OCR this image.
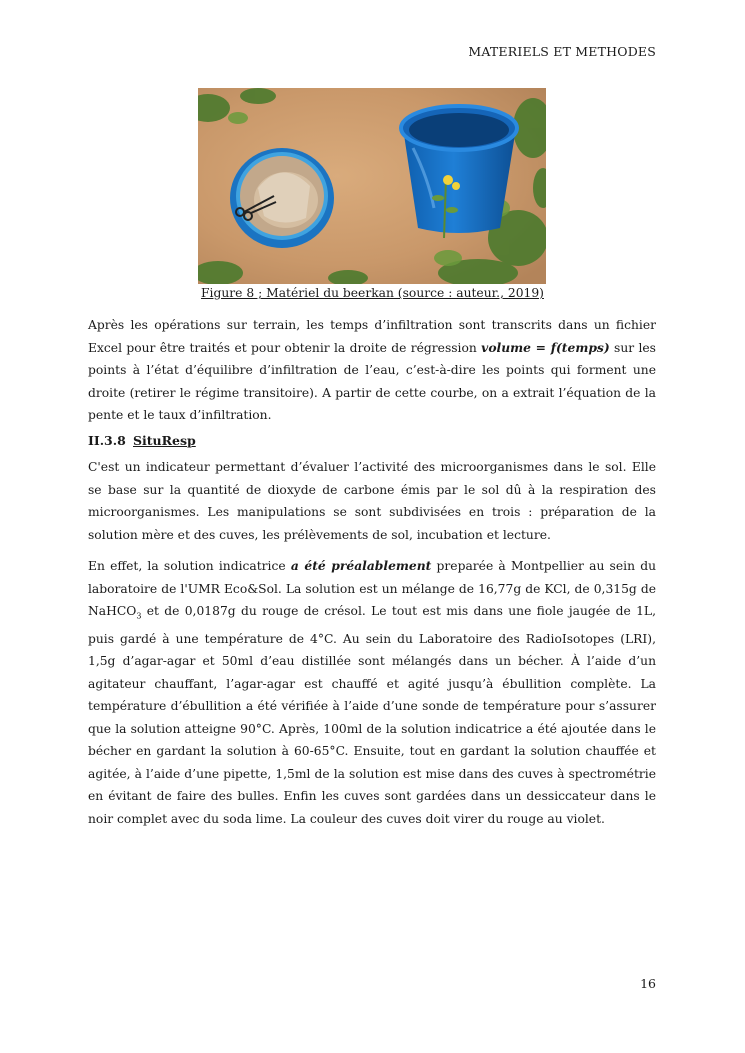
MATERIELS ET METHODES
Figure 8 ; Matériel du beerkan (source : auteur., 2019)

Après les opérations sur terrain, les temps d’infiltration sont transcrits dans un fichier Excel pour être traités et pour obtenir la droite de régression volume = f(temps) sur les points à l’état d’équilibre d’infiltration de l’eau, c’est-à-dire les points qui forment une droite (retirer le régime transitoire). A partir de cette courbe, on a extrait l’équation de la pente et le taux d’infiltration.

II.3.8 SituResp

C'est un indicateur permettant d’évaluer l’activité des microorganismes dans le sol. Elle se base sur la quantité de dioxyde de carbone émis par le sol dû à la respiration des microorganismes. Les manipulations se sont subdivisées en trois : préparation de la solution mère et des cuves, les prélèvements de sol, incubation et lecture.

En effet, la solution indicatrice a été préalablement preparée à Montpellier au sein du laboratoire de l'UMR Eco&Sol. La solution est un mélange de 16,77g de KCl, de 0,315g de NaHCO$_3$ et de 0,0187g du rouge de crésol. Le tout est mis dans une fiole jaugée de 1L, puis gardé à une température de 4°C. Au sein du Laboratoire des RadioIsotopes (LRI), 1,5g d’agar-agar et 50ml d’eau distillée sont mélangés dans un bécher. À l’aide d’un agitateur chauffant, l’agar-agar est chauffé et agité jusqu’à ébullition complète. La température d’ébullition a été vérifiée à l’aide d’une sonde de température pour s’assurer que la solution atteigne 90°C. Après, 100ml de la solution indicatrice a été ajoutée dans le bécher en gardant la solution à 60-65°C. Ensuite, tout en gardant la solution chauffée et agitée, à l’aide d’une pipette, 1,5ml de la solution est mise dans des cuves à spectrométrie en évitant de faire des bulles. Enfin les cuves sont gardées dans un dessiccateur dans le noir complet avec du soda lime. La couleur des cuves doit virer du rouge au violet.

16
